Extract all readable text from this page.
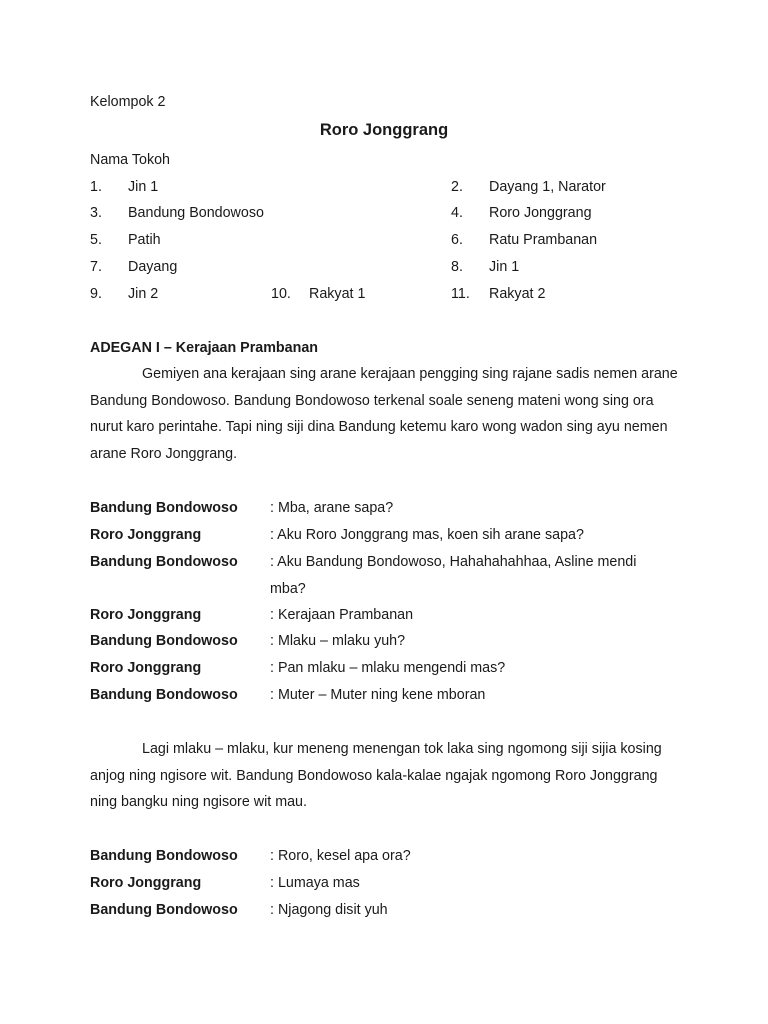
Kelompok 2
Roro Jonggrang
Nama Tokoh
1. Jin 1	2. Dayang 1, Narator
3. Bandung Bondowoso	4. Roro Jonggrang
5. Patih	6. Ratu Prambanan
7. Dayang	8. Jin 1
9. Jin 2	10. Rakyat 1	11. Rakyat 2
ADEGAN I – Kerajaan Prambanan
Gemiyen ana kerajaan sing arane kerajaan pengging sing rajane sadis nemen arane Bandung Bondowoso. Bandung Bondowoso terkenal soale seneng mateni wong sing ora nurut karo perintahe. Tapi ning siji dina Bandung ketemu karo wong wadon sing ayu nemen arane Roro Jonggrang.
Bandung Bondowoso : Mba, arane sapa?
Roro Jonggrang	: Aku Roro Jonggrang mas, koen sih arane sapa?
Bandung Bondowoso : Aku Bandung Bondowoso, Hahahahahhaa, Asline mendi
mba?
Roro Jonggrang	: Kerajaan Prambanan
Bandung Bondowoso : Mlaku – mlaku yuh?
Roro Jonggrang	: Pan mlaku – mlaku mengendi mas?
Bandung Bondowoso : Muter – Muter ning kene mboran
Lagi mlaku – mlaku, kur meneng menengan tok laka sing ngomong siji sijia kosing anjog ning ngisore wit. Bandung Bondowoso kala-kalae ngajak ngomong Roro Jonggrang ning bangku ning ngisore wit mau.
Bandung Bondowoso : Roro, kesel apa ora?
Roro Jonggrang	: Lumaya mas
Bandung Bondowoso : Njagong disit yuh
